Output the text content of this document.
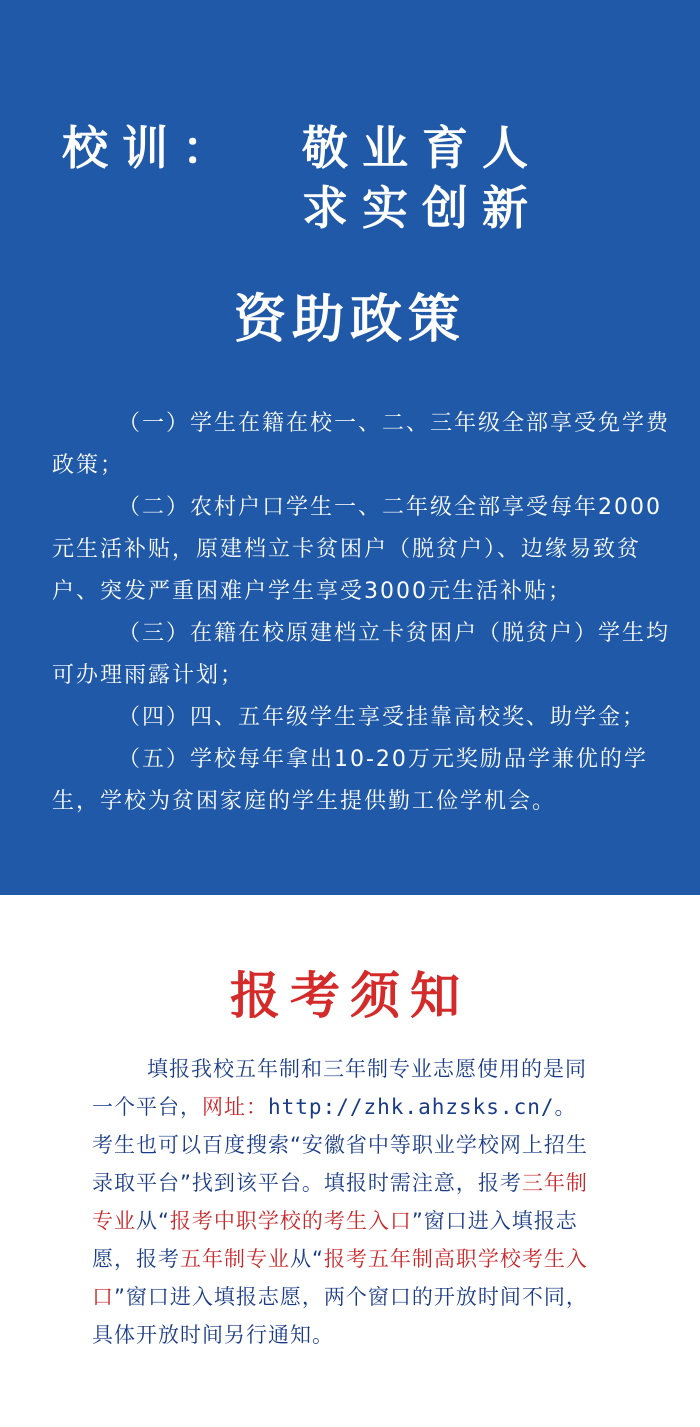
校训： 敬业育人
求实创新
资助政策

（一）学生在籍在校一、二、三年级全部享受免学费政策；

（二）农村户口学生一、二年级全部享受每年2000元生活补贴，原建档立卡贫困户（脱贫户）、边缘易致贫户、突发严重困难户学生享受3000元生活补贴；

（三）在籍在校原建档立卡贫困户（脱贫户）学生均可办理雨露计划；

（四）四、五年级学生享受挂靠高校奖、助学金；

（五）学校每年拿出10-20万元奖励品学兼优的学生，学校为贫困家庭的学生提供勤工俭学机会。

报考须知

填报我校五年制和三年制专业志愿使用的是同一个平台，网址：http://zhk.ahzsks.cn/。考生也可以百度搜索“安徽省中等职业学校网上招生录取平台”找到该平台。填报时需注意，报考三年制专业从“报考中职学校的考生入口”窗口进入填报志愿，报考五年制专业从“报考五年制高职学校考生入口”窗口进入填报志愿，两个窗口的开放时间不同，具体开放时间另行通知。
